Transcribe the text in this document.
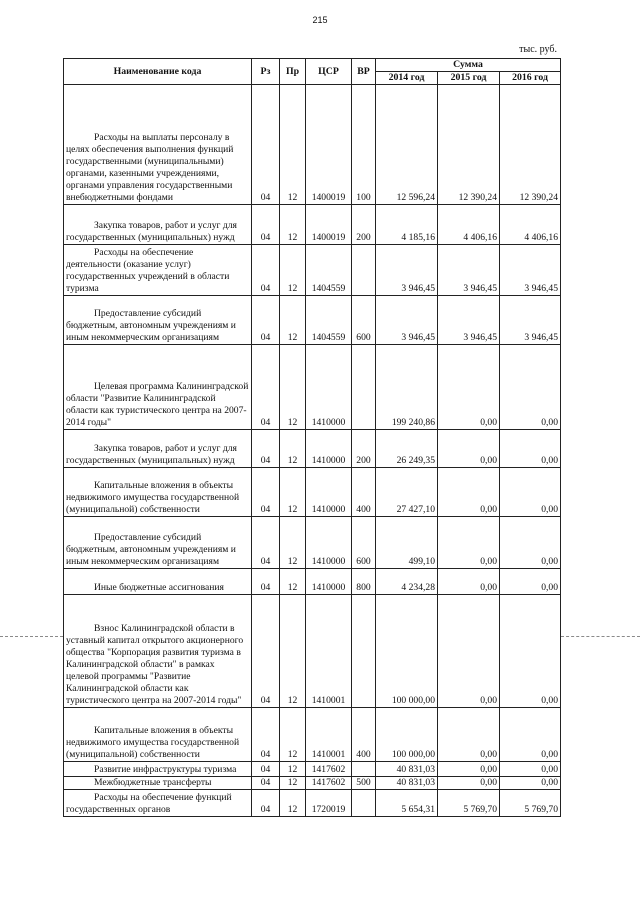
215
тыс. руб.
Наименование кода	Рз	Пр	ЦСР	ВР	Сумма		
					2014 год	2015 год	2016 год

Расходы на выплаты персоналу в
целях обеспечения выполнения функций государственными (муниципальными) органами, казенными учреждениями, органами управления государственными внебюджетными фондами	04	12	1400019	100	12 596,24	12 390,24	12 390,24

Закупка товаров, работ и услуг для
государственных (муниципальных) нужд	04	12	1400019	200	4 185,16	4 406,16	4 406,16

Расходы на обеспечение
деятельности (оказание услуг) государственных учреждений в области туризма	04	12	1404559		3 946,45	3 946,45	3 946,45

Предоставление субсидий
бюджетным, автономным учреждениям и иным некоммерческим организациям	04	12	1404559	600	3 946,45	3 946,45	3 946,45

Целевая программа Калининградской
области "Развитие Калининградской области как туристического центра на 2007-2014 годы"	04	12	1410000		199 240,86	0,00	0,00

Закупка товаров, работ и услуг для
государственных (муниципальных) нужд	04	12	1410000	200	26 249,35	0,00	0,00

Капитальные вложения в объекты
недвижимого имущества государственной (муниципальной) собственности	04	12	1410000	400	27 427,10	0,00	0,00

Предоставление субсидий
бюджетным, автономным учреждениям и иным некоммерческим организациям	04	12	1410000	600	499,10	0,00	0,00

Иные бюджетные ассигнования	04	12	1410000	800	4 234,28	0,00	0,00

Взнос Калининградской области в
уставный капитал открытого акционерного общества "Корпорация развития туризма в Калининградской области" в рамках целевой программы "Развитие Калининградской области как туристического центра на 2007-2014 годы"	04	12	1410001		100 000,00	0,00	0,00

Капитальные вложения в объекты
недвижимого имущества государственной (муниципальной) собственности	04	12	1410001	400	100 000,00	0,00	0,00

Развитие инфраструктуры туризма	04	12	1417602		40 831,03	0,00	0,00

Межбюджетные трансферты	04	12	1417602	500	40 831,03	0,00	0,00

Расходы на обеспечение функций
государственных органов	04	12	1720019		5 654,31	5 769,70	5 769,70
